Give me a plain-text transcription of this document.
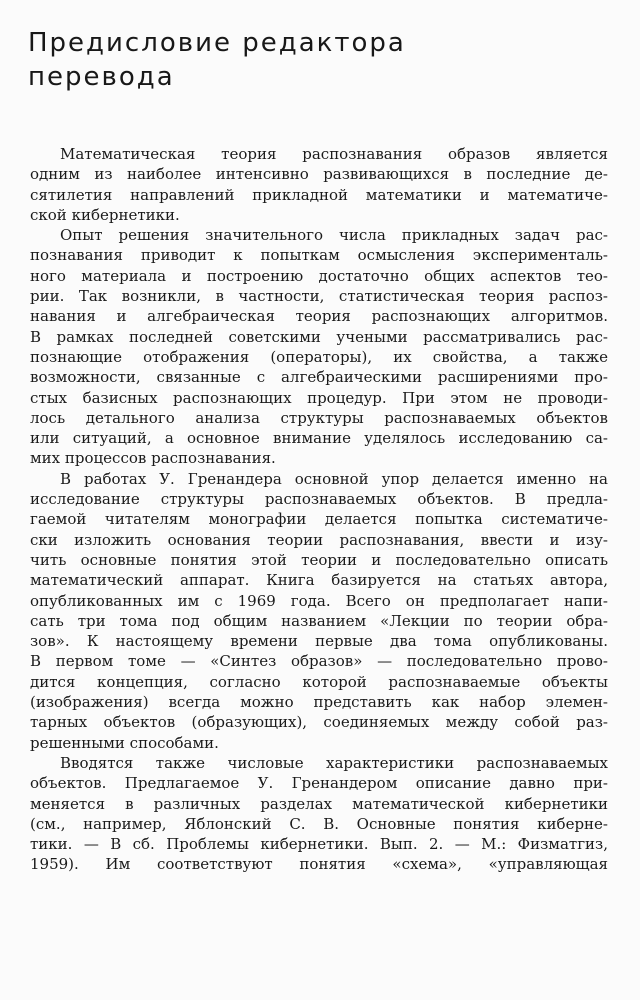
Предисловие редактора
перевода
Математическая теория распознавания образов является
одним из наиболее интенсивно развивающихся в последние де-
сятилетия направлений прикладной математики и математиче-
ской кибернетики.
Опыт решения значительного числа прикладных задач рас-
познавания приводит к попыткам осмысления эксперименталь-
ного материала и построению достаточно общих аспектов тео-
рии. Так возникли, в частности, статистическая теория распоз-
навания и алгебраическая теория распознающих алгоритмов.
В рамках последней советскими учеными рассматривались рас-
познающие отображения (операторы), их свойства, а также
возможности, связанные с алгебраическими расширениями про-
стых базисных распознающих процедур. При этом не проводи-
лось детального анализа структуры распознаваемых объектов
или ситуаций, а основное внимание уделялось исследованию са-
мих процессов распознавания.
В работах У. Гренандера основной упор делается именно на
исследование структуры распознаваемых объектов. В предла-
гаемой читателям монографии делается попытка систематиче-
ски изложить основания теории распознавания, ввести и изу-
чить основные понятия этой теории и последовательно описать
математический аппарат. Книга базируется на статьях автора,
опубликованных им с 1969 года. Всего он предполагает напи-
сать три тома под общим названием «Лекции по теории обра-
зов». К настоящему времени первые два тома опубликованы.
В первом томе — «Синтез образов» — последовательно прово-
дится концепция, согласно которой распознаваемые объекты
(изображения) всегда можно представить как набор элемен-
тарных объектов (образующих), соединяемых между собой раз-
решенными способами.
Вводятся также числовые характеристики распознаваемых
объектов. Предлагаемое У. Гренандером описание давно при-
меняется в различных разделах математической кибернетики
(см., например, Яблонский С. В. Основные понятия киберне-
тики. — В сб. Проблемы кибернетики. Вып. 2. — М.: Физматгиз,
1959). Им соответствуют понятия «схема», «управляющая
